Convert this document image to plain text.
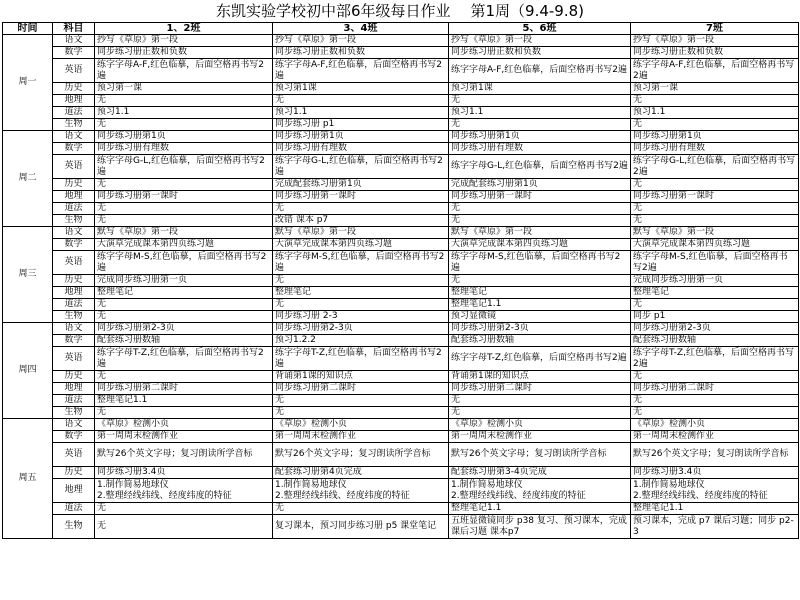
东凯实验学校初中部6年级每日作业 第1周（9.4-9.8)
时间	科目	1、2班	3、4班	5、6班	7班
周一	语文	抄写《草原》第一段	抄写《草原》第一段	抄写《草原》第一段	抄写《草原》第一段
	数学	同步练习册正数和负数	同步练习册正数和负数	同步练习册正数和负数	同步练习册正数和负数
	英语	练字字母A-F,红色临摹，后面空格再书写2遍	练字字母A-F,红色临摹，后面空格再书写2遍	练字字母A-F,红色临摹，后面空格再书写2遍	练字字母A-F,红色临摹，后面空格再书写2遍
	历史	预习第一课	预习第1课	预习第1课	预习第一课
	地理	无	无	无	无
	道法	预习1.1	预习1.1	预习1.1	预习1.1
	生物	无	同步练习册 p1	无	无
周二	语文	同步练习册第1页	同步练习册第1页	同步练习册第1页	同步练习册第1页
	数学	同步练习册有理数	同步练习册有理数	同步练习册有理数	同步练习册有理数
	英语	练字字母G-L,红色临摹，后面空格再书写2遍	练字字母G-L,红色临摹，后面空格再书写2遍	练字字母G-L,红色临摹，后面空格再书写2遍	练字字母G-L,红色临摹，后面空格再书写2遍
	历史	无	完成配套练习册第1页	完成配套练习册第1页	无
	地理	同步练习册第一课时	同步练习册第一课时	同步练习册第一课时	同步练习册第一课时
	道法	无	无	无	无
	生物	无	改错 课本 p7	无	无
周三	语文	默写《草原》第一段	默写《草原》第一段	默写《草原》第一段	默写《草原》第一段
	数学	大演草完成课本第四页练习题	大演草完成课本第四页练习题	大演草完成课本第四页练习题	大演草完成课本第四页练习题
	英语	练字字母M-S,红色临摹，后面空格再书写2遍	练字字母M-S,红色临摹，后面空格再书写2遍	练字字母M-S,红色临摹，后面空格再书写2遍	练字字母M-S,红色临摹，后面空格再书写2遍
	历史	完成同步练习册第一页	无	无	完成同步练习册第一页
	地理	整理笔记	整理笔记	整理笔记	整理笔记
	道法	无	无	整理笔记1.1	无
	生物	无	同步练习册 2-3	预习显微镜	同步 p1
周四	语文	同步练习册第2-3页	同步练习册第2-3页	同步练习册第2-3页	同步练习册第2-3页
	数学	配套练习册数轴	预习1.2.2	配套练习册数轴	配套练习册数轴
	英语	练字字母T-Z,红色临摹，后面空格再书写2遍	练字字母T-Z,红色临摹，后面空格再书写2遍	练字字母T-Z,红色临摹，后面空格再书写2遍	练字字母T-Z,红色临摹，后面空格再书写2遍
	历史	无	背诵第1课的知识点	背诵第1课的知识点	无
	地理	同步练习册第二课时	同步练习册第二课时	同步练习册第二课时	同步练习册第二课时
	道法	整理笔记1.1	无	无	无
	生物	无	无	无	无
周五	语文	《草原》检测小页	《草原》检测小页	《草原》检测小页	《草原》检测小页
	数学	第一周周末检测作业	第一周周末检测作业	第一周周末检测作业	第一周周末检测作业
	英语	默写26个英文字母；复习朗读所学音标	默写26个英文字母；复习朗读所学音标	默写26个英文字母；复习朗读所学音标	默写26个英文字母；复习朗读所学音标
	历史	同步练习册3.4页	配套练习册第4页完成	配套练习册第3-4页完成	同步练习册3.4页
	地理	1.制作简易地球仪
2.整理经线纬线、经度纬度的特征	1.制作简易地球仪
2.整理经线纬线、经度纬度的特征	1.制作简易地球仪
2.整理经线纬线、经度纬度的特征	1.制作简易地球仪
2.整理经线纬线、经度纬度的特征
	道法	无	无	整理笔记1.1	整理笔记1.1
	生物	无	复习课本，预习同步练习册 p5 课堂笔记	五班显微镜同步 p38 复习、预习课本，完成课后习题 课本p7	预习课本，完成 p7 课后习题；同步 p2-3
